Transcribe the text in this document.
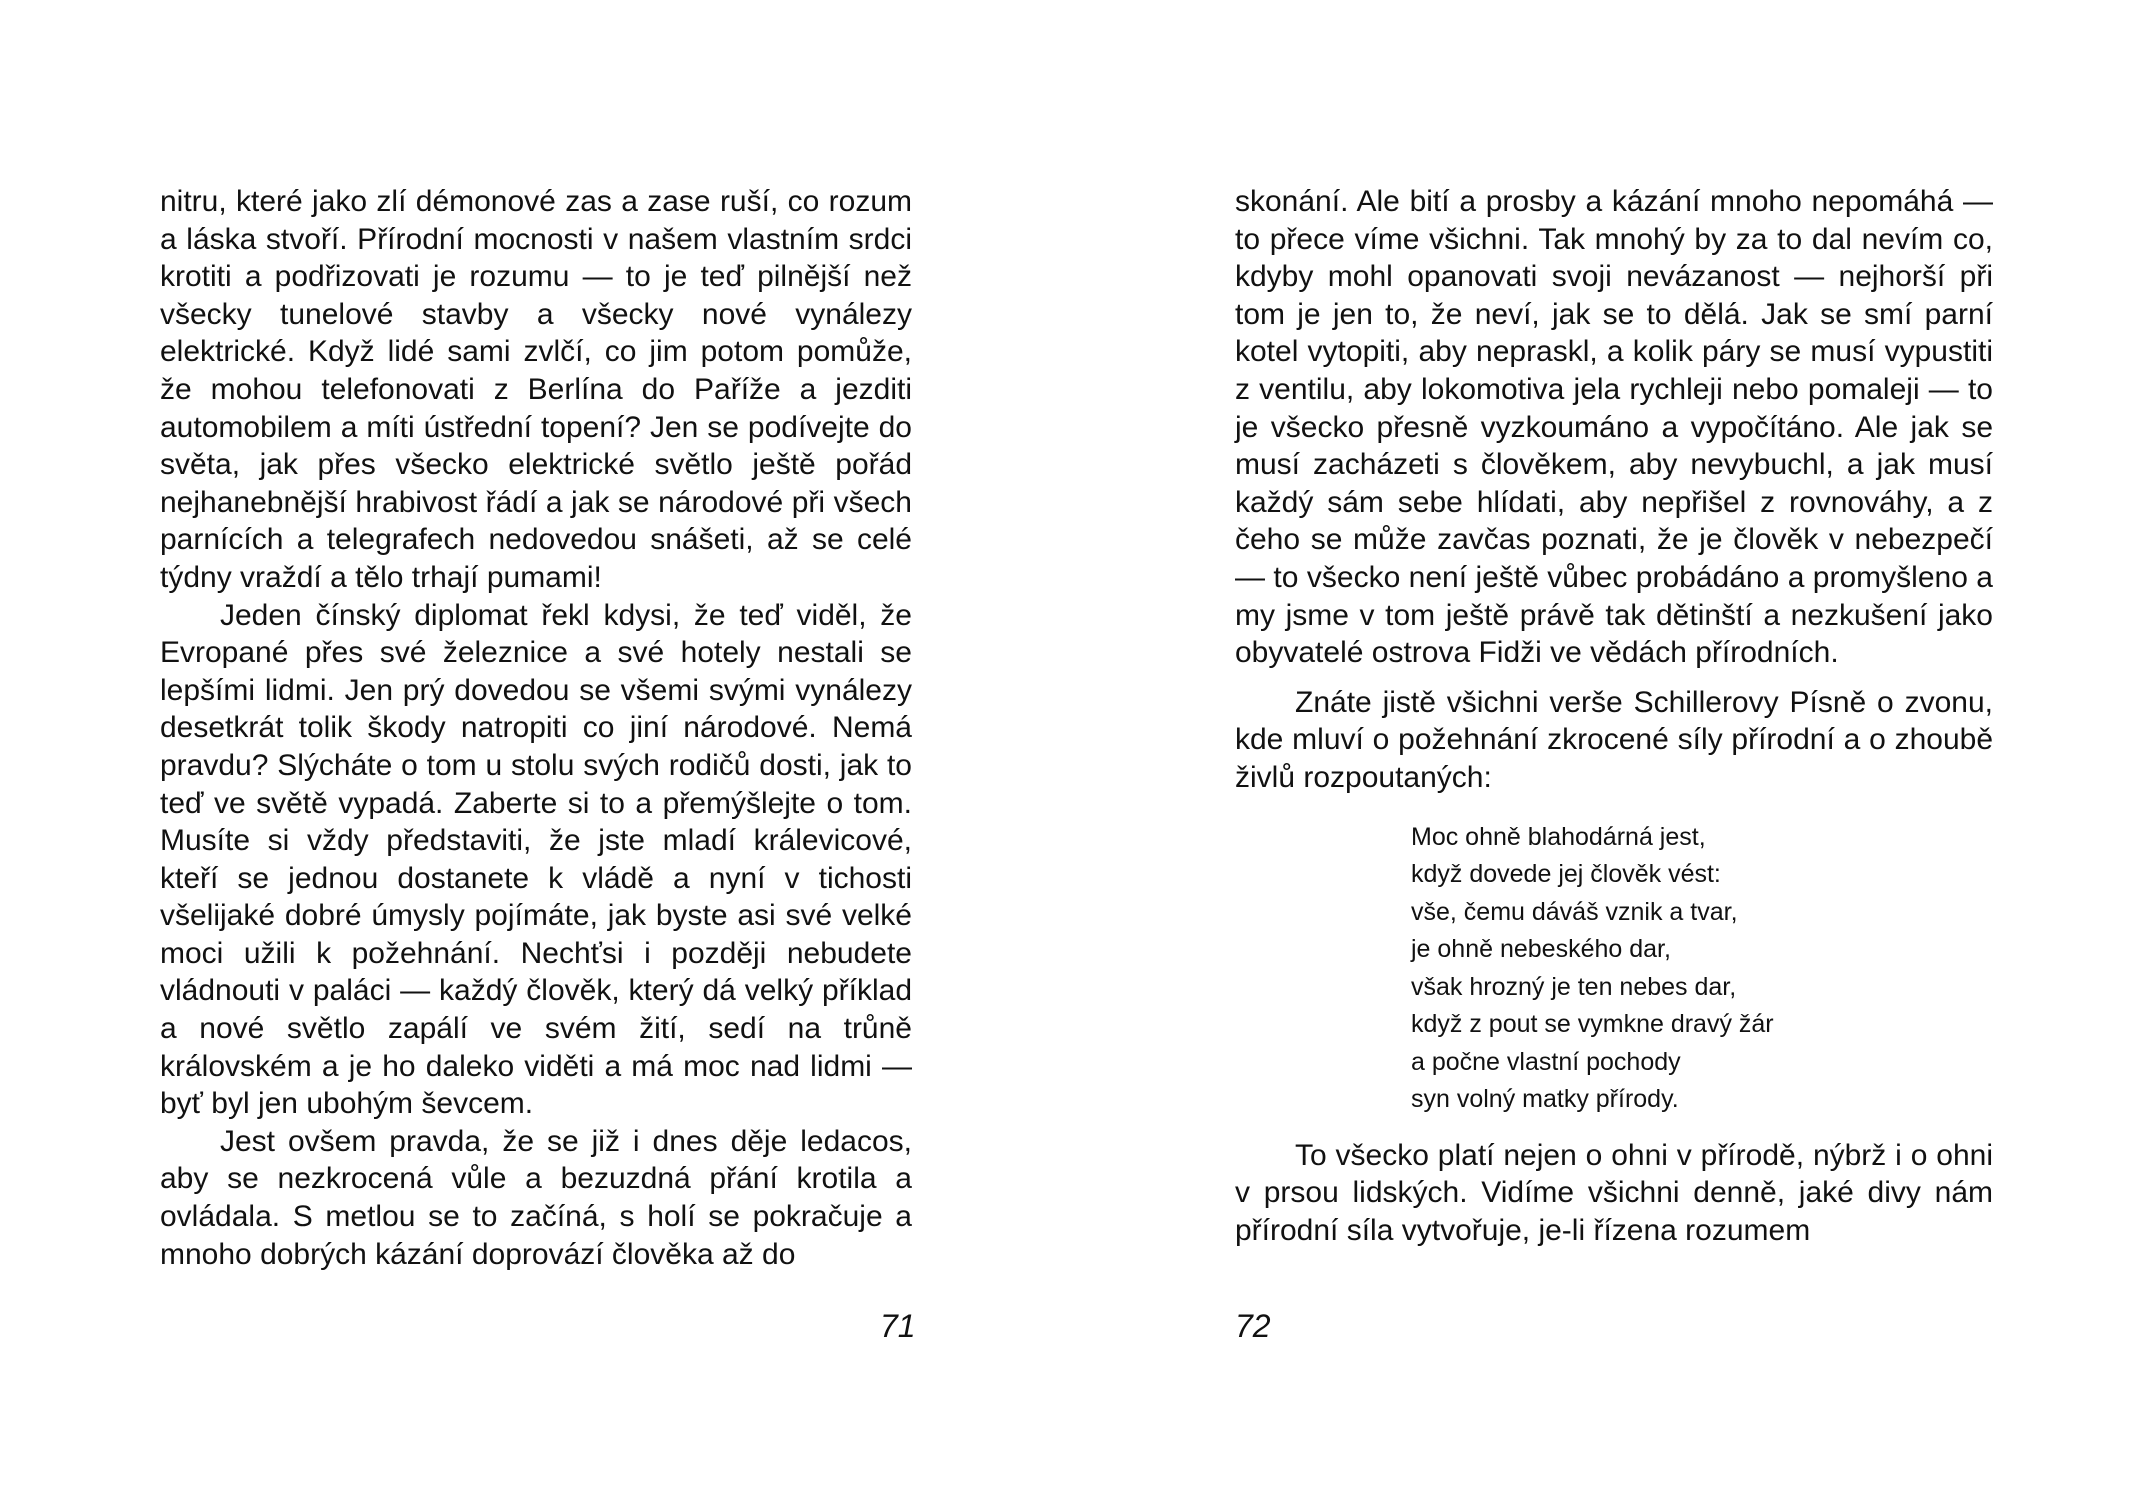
nitru, které jako zlí démonové zas a zase ruší, co rozum a láska stvoří. Přírodní mocnosti v našem vlastním srdci krotiti a podřizovati je rozumu — to je teď pilnější než všecky tunelové stavby a všecky nové vynálezy elektrické. Když lidé sami zvlčí, co jim potom pomůže, že mohou telefonovati z Berlína do Paříže a jezditi automobilem a míti ústřední topení? Jen se podívejte do světa, jak přes všecko elektrické světlo ještě pořád nejhanebnější hrabivost řádí a jak se národové při všech parnících a telegrafech nedovedou snášeti, až se celé týdny vraždí a tělo trhají pumami!

Jeden čínský diplomat řekl kdysi, že teď viděl, že Evropané přes své železnice a své hotely nestali se lepšími lidmi. Jen prý dovedou se všemi svými vynálezy desetkrát tolik škody natropiti co jiní národové. Nemá pravdu? Slýcháte o tom u stolu svých rodičů dosti, jak to teď ve světě vypadá. Zaberte si to a přemýšlejte o tom. Musíte si vždy představiti, že jste mladí králevicové, kteří se jednou dostanete k vládě a nyní v tichosti všelijaké dobré úmysly pojímáte, jak byste asi své velké moci užili k požehnání. Nechťsi i později nebudete vládnouti v paláci — každý člověk, který dá velký příklad a nové světlo zapálí ve svém žití, sedí na trůně královském a je ho daleko viděti a má moc nad lidmi — byť byl jen ubohým ševcem.

Jest ovšem pravda, že se již i dnes děje ledacos, aby se nezkrocená vůle a bezuzdná přání krotila a ovládala. S metlou se to začíná, s holí se pokračuje a mnoho dobrých kázání doprovází člověka až do

71

skonání. Ale bití a prosby a kázání mnoho nepomáhá — to přece víme všichni. Tak mnohý by za to dal nevím co, kdyby mohl opanovati svoji nevázanost — nejhorší při tom je jen to, že neví, jak se to dělá. Jak se smí parní kotel vytopiti, aby nepraskl, a kolik páry se musí vypustiti z ventilu, aby lokomotiva jela rychleji nebo pomaleji — to je všecko přesně vyzkoumáno a vypočítáno. Ale jak se musí zacházeti s člověkem, aby nevybuchl, a jak musí každý sám sebe hlídati, aby nepřišel z rovnováhy, a z čeho se může zavčas poznati, že je člověk v nebezpečí — to všecko není ještě vůbec probádáno a promyšleno a my jsme v tom ještě právě tak dětinští a nezkušení jako obyvatelé ostrova Fidži ve vědách přírodních.

Znáte jistě všichni verše Schillerovy Písně o zvonu, kde mluví o požehnání zkrocené síly přírodní a o zhoubě živlů rozpoutaných:

Moc ohně blahodárná jest,
když dovede jej člověk vést:
vše, čemu dáváš vznik a tvar,
je ohně nebeského dar,
však hrozný je ten nebes dar,
když z pout se vymkne dravý žár
a počne vlastní pochody
syn volný matky přírody.

To všecko platí nejen o ohni v přírodě, nýbrž i o ohni v prsou lidských. Vidíme všichni denně, jaké divy nám přírodní síla vytvořuje, je-li řízena rozumem

72
